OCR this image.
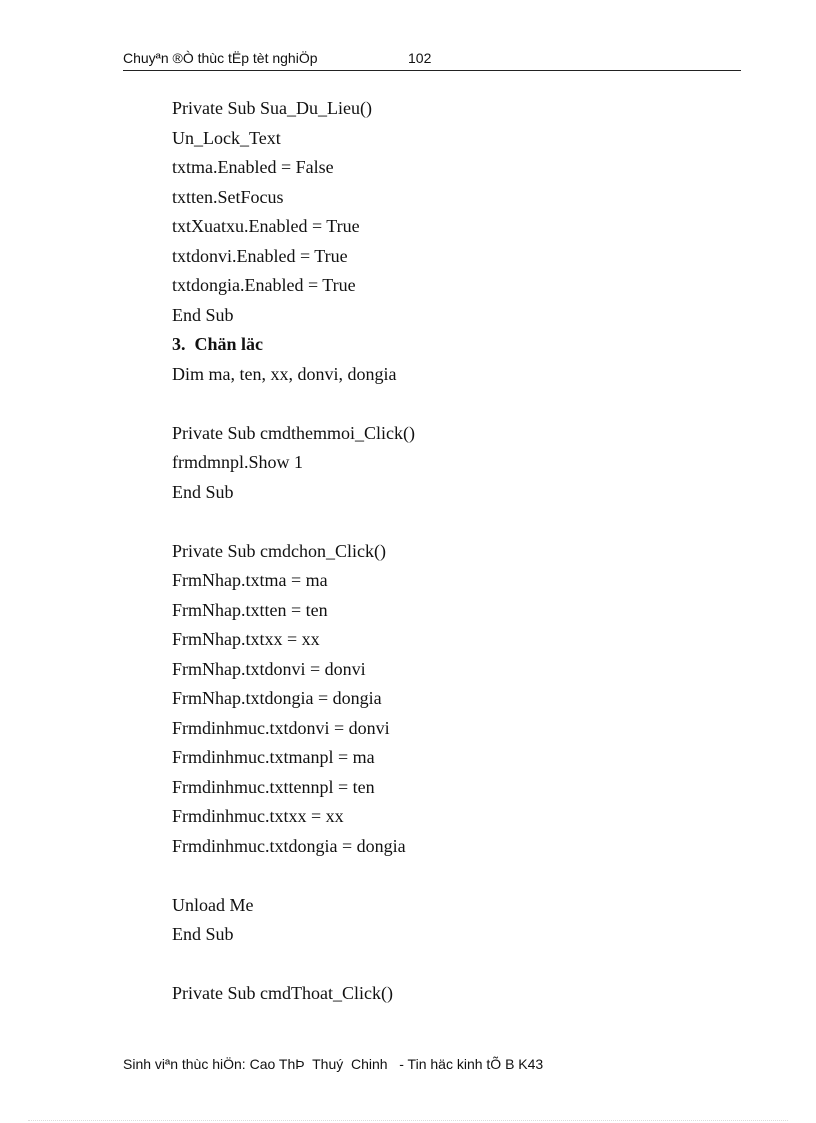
Chuyªn ®Ò thùc tËp tèt nghiÖp	102
Private Sub Sua_Du_Lieu()
Un_Lock_Text
txtma.Enabled = False
txtten.SetFocus
txtXuatxu.Enabled = True
txtdonvi.Enabled = True
txtdongia.Enabled = True
End Sub
3.  Chän läc
Dim ma, ten, xx, donvi, dongia
Private Sub cmdthemmoi_Click()
frmdmnpl.Show 1
End Sub
Private Sub cmdchon_Click()
FrmNhap.txtma = ma
FrmNhap.txtten = ten
FrmNhap.txtxx = xx
FrmNhap.txtdonvi = donvi
FrmNhap.txtdongia = dongia
Frmdinhmuc.txtdonvi = donvi
Frmdinhmuc.txtmanpl = ma
Frmdinhmuc.txttennpl = ten
Frmdinhmuc.txtxx = xx
Frmdinhmuc.txtdongia = dongia
Unload Me
End Sub
Private Sub cmdThoat_Click()
Sinh viªn thùc hiÖn: Cao ThÞ  Thuý  Chinh   - Tin häc kinh tÕ B K43
